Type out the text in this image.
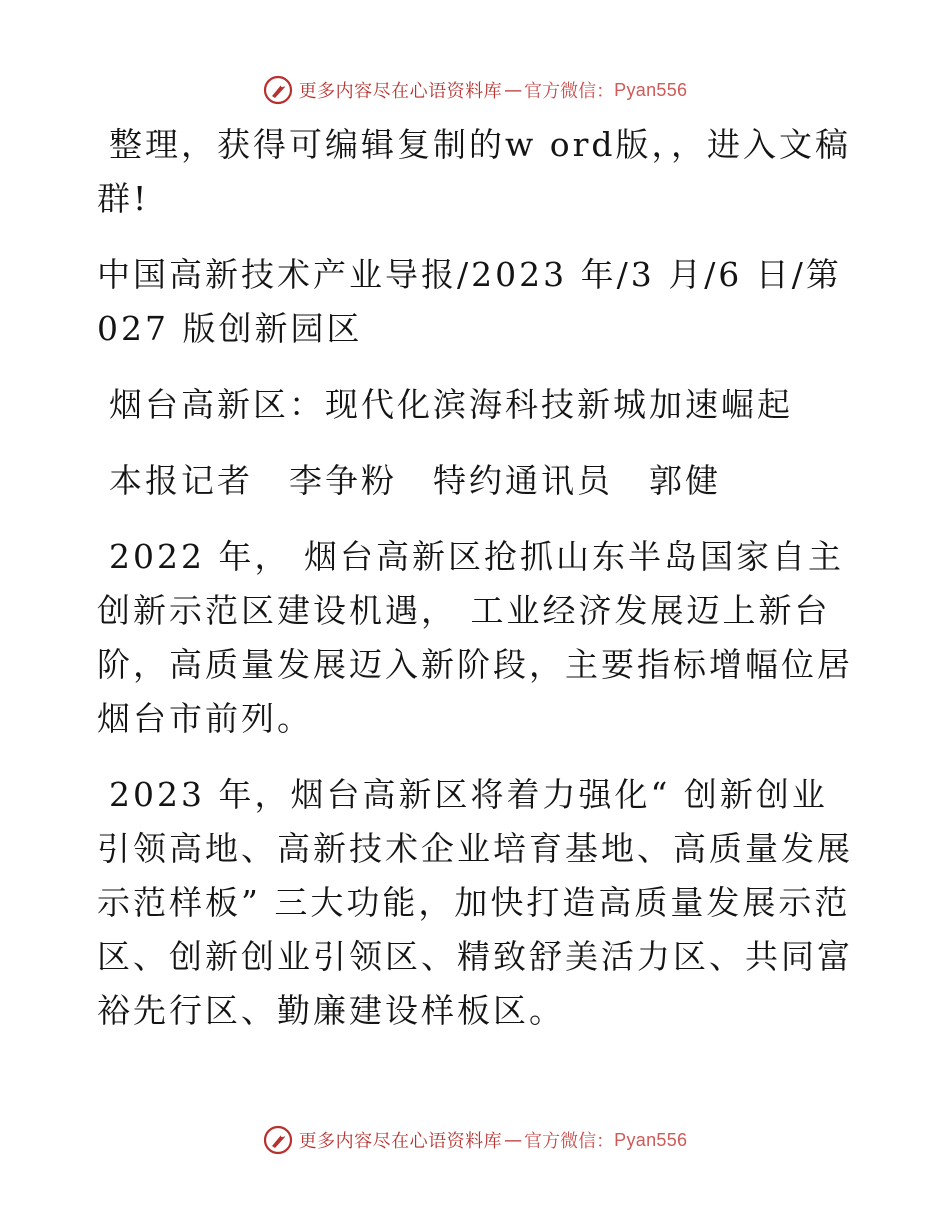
更多内容尽在心语资料库 — 官方微信： Pyan556

整理，获得可编辑复制的w ord版，，进入文稿群!

中国高新技术产业导报/2023 年/3 月/6 日/第027 版创新园区

烟台高新区：现代化滨海科技新城加速崛起

本报记者　李争粉　特约通讯员　郭健

2022 年， 烟台高新区抢抓山东半岛国家自主创新示范区建设机遇， 工业经济发展迈上新台阶，高质量发展迈入新阶段，主要指标增幅位居烟台市前列。

2023 年，烟台高新区将着力强化“ 创新创业引领高地、高新技术企业培育基地、高质量发展示范样板” 三大功能，加快打造高质量发展示范区、创新创业引领区、精致舒美活力区、共同富裕先行区、勤廉建设样板区。

更多内容尽在心语资料库 — 官方微信： Pyan556
